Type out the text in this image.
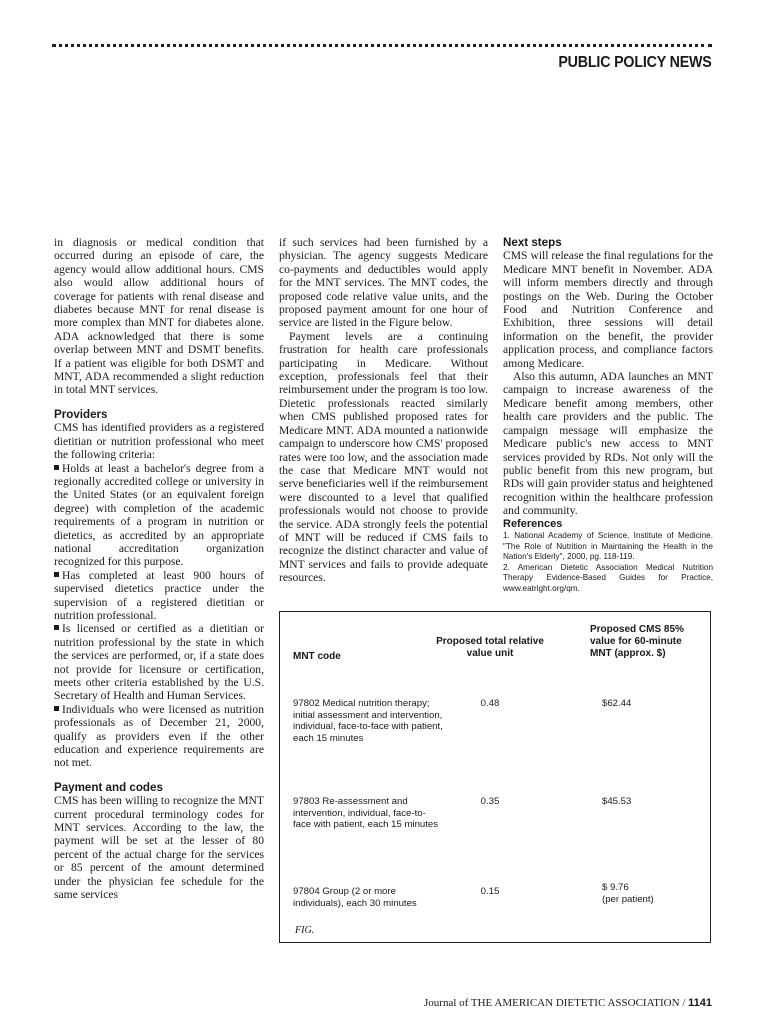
PUBLIC POLICY NEWS

in diagnosis or medical condition that occurred during an episode of care, the agency would allow additional hours. CMS also would allow additional hours of coverage for patients with renal disease and diabetes because MNT for renal disease is more complex than MNT for diabetes alone. ADA acknowledged that there is some overlap between MNT and DSMT benefits. If a patient was eligible for both DSMT and MNT, ADA recommended a slight reduction in total MNT services.

Providers

CMS has identified providers as a registered dietitian or nutrition professional who meet the following criteria:

Holds at least a bachelor's degree from a regionally accredited college or university in the United States (or an equivalent foreign degree) with completion of the academic requirements of a program in nutrition or dietetics, as accredited by an appropriate national accreditation organization recognized for this purpose.

Has completed at least 900 hours of supervised dietetics practice under the supervision of a registered dietitian or nutrition professional.

Is licensed or certified as a dietitian or nutrition professional by the state in which the services are performed, or, if a state does not provide for licensure or certification, meets other criteria established by the U.S. Secretary of Health and Human Services.

Individuals who were licensed as nutrition professionals as of December 21, 2000, qualify as providers even if the other education and experience requirements are not met.

Payment and codes

CMS has been willing to recognize the MNT current procedural terminology codes for MNT services. According to the law, the payment will be set at the lesser of 80 percent of the actual charge for the services or 85 percent of the amount determined under the physician fee schedule for the same services

if such services had been furnished by a physician. The agency suggests Medicare co-payments and deductibles would apply for the MNT services. The MNT codes, the proposed code relative value units, and the proposed payment amount for one hour of service are listed in the Figure below.

Payment levels are a continuing frustration for health care professionals participating in Medicare. Without exception, professionals feel that their reimbursement under the program is too low. Dietetic professionals reacted similarly when CMS published proposed rates for Medicare MNT. ADA mounted a nationwide campaign to underscore how CMS' proposed rates were too low, and the association made the case that Medicare MNT would not serve beneficiaries well if the reimbursement were discounted to a level that qualified professionals would not choose to provide the service. ADA strongly feels the potential of MNT will be reduced if CMS fails to recognize the distinct character and value of MNT services and fails to provide adequate resources.

Next steps

CMS will release the final regulations for the Medicare MNT benefit in November. ADA will inform members directly and through postings on the Web. During the October Food and Nutrition Conference and Exhibition, three sessions will detail information on the benefit, the provider application process, and compliance factors among Medicare.

Also this autumn, ADA launches an MNT campaign to increase awareness of the Medicare benefit among members, other health care providers and the public. The campaign message will emphasize the Medicare public's new access to MNT services provided by RDs. Not only will the public benefit from this new program, but RDs will gain provider status and heightened recognition within the healthcare profession and community.

References

1. National Academy of Science, Institute of Medicine. "The Role of Nutrition in Maintaining the Health in the Nation's Elderly", 2000, pg. 118-119.

2. American Dietetic Association Medical Nutrition Therapy Evidence-Based Guides for Practice, www.eatright.org/qm.

MNT code
Proposed total relative value unit
Proposed CMS 85% value for 60-minute MNT (approx. $)
97802 Medical nutrition therapy; initial assessment and intervention, individual, face-to-face with patient, each 15 minutes
0.48	$62.44
97803 Re-assessment and intervention, individual, face-to-face with patient, each 15 minutes
0.35	$45.53
97804 Group (2 or more individuals), each 30 minutes
0.15	$ 9.76
(per patient)
FIG.
Journal of THE AMERICAN DIETETIC ASSOCIATION / 1141
